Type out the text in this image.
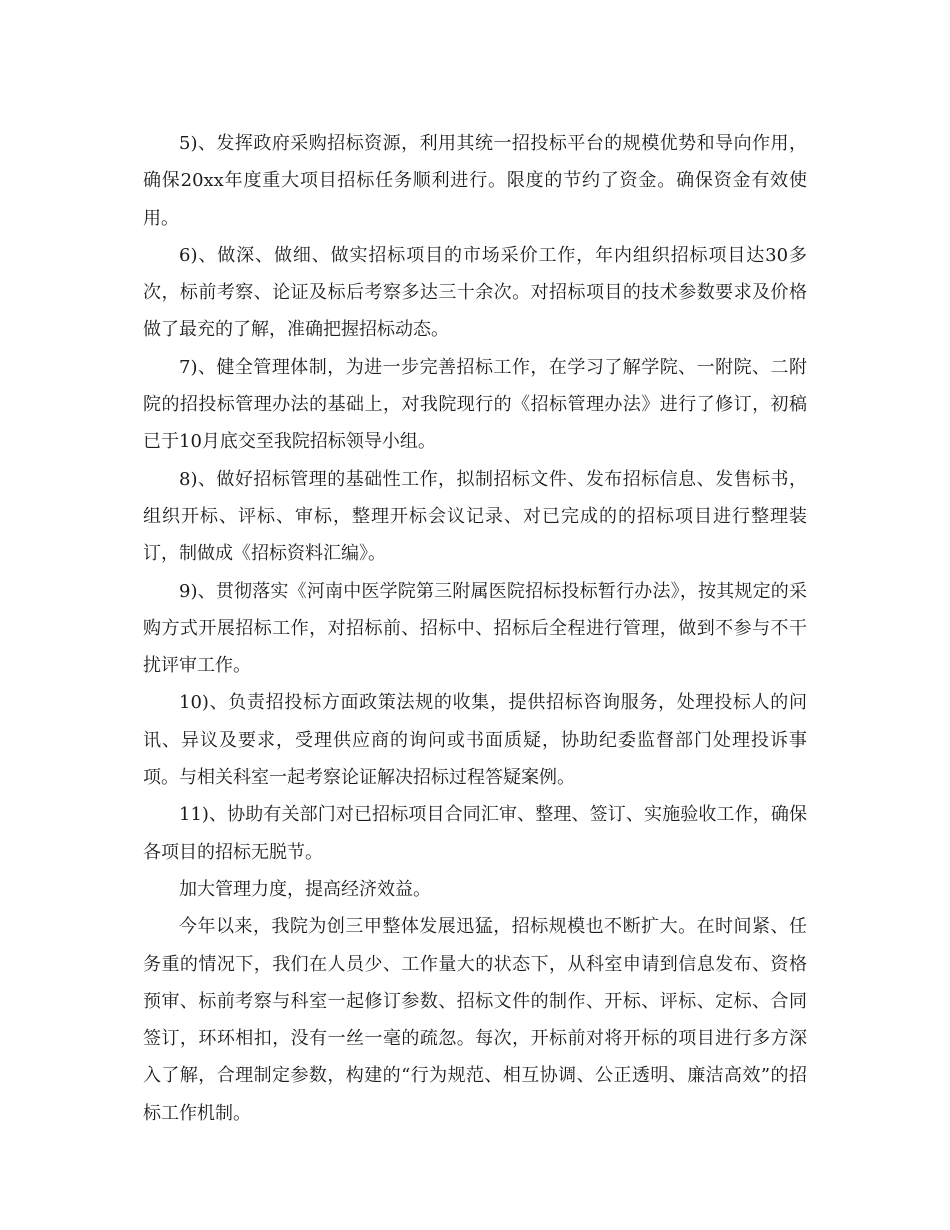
5)、发挥政府采购招标资源，利用其统一招投标平台的规模优势和导向作用，确保20xx年度重大项目招标任务顺利进行。限度的节约了资金。确保资金有效使用。

6)、做深、做细、做实招标项目的市场采价工作，年内组织招标项目达30多次，标前考察、论证及标后考察多达三十余次。对招标项目的技术参数要求及价格做了最充的了解，准确把握招标动态。

7)、健全管理体制，为进一步完善招标工作，在学习了解学院、一附院、二附院的招投标管理办法的基础上，对我院现行的《招标管理办法》进行了修订，初稿已于10月底交至我院招标领导小组。

8)、做好招标管理的基础性工作，拟制招标文件、发布招标信息、发售标书，组织开标、评标、审标，整理开标会议记录、对已完成的的招标项目进行整理装订，制做成《招标资料汇编》。

9)、贯彻落实《河南中医学院第三附属医院招标投标暂行办法》，按其规定的采购方式开展招标工作，对招标前、招标中、招标后全程进行管理，做到不参与不干扰评审工作。

10)、负责招投标方面政策法规的收集，提供招标咨询服务，处理投标人的问讯、异议及要求，受理供应商的询问或书面质疑，协助纪委监督部门处理投诉事项。与相关科室一起考察论证解决招标过程答疑案例。

11)、协助有关部门对已招标项目合同汇审、整理、签订、实施验收工作，确保各项目的招标无脱节。

加大管理力度，提高经济效益。

今年以来，我院为创三甲整体发展迅猛，招标规模也不断扩大。在时间紧、任务重的情况下，我们在人员少、工作量大的状态下，从科室申请到信息发布、资格预审、标前考察与科室一起修订参数、招标文件的制作、开标、评标、定标、合同签订，环环相扣，没有一丝一毫的疏忽。每次，开标前对将开标的项目进行多方深入了解，合理制定参数，构建的“行为规范、相互协调、公正透明、廉洁高效”的招标工作机制。
